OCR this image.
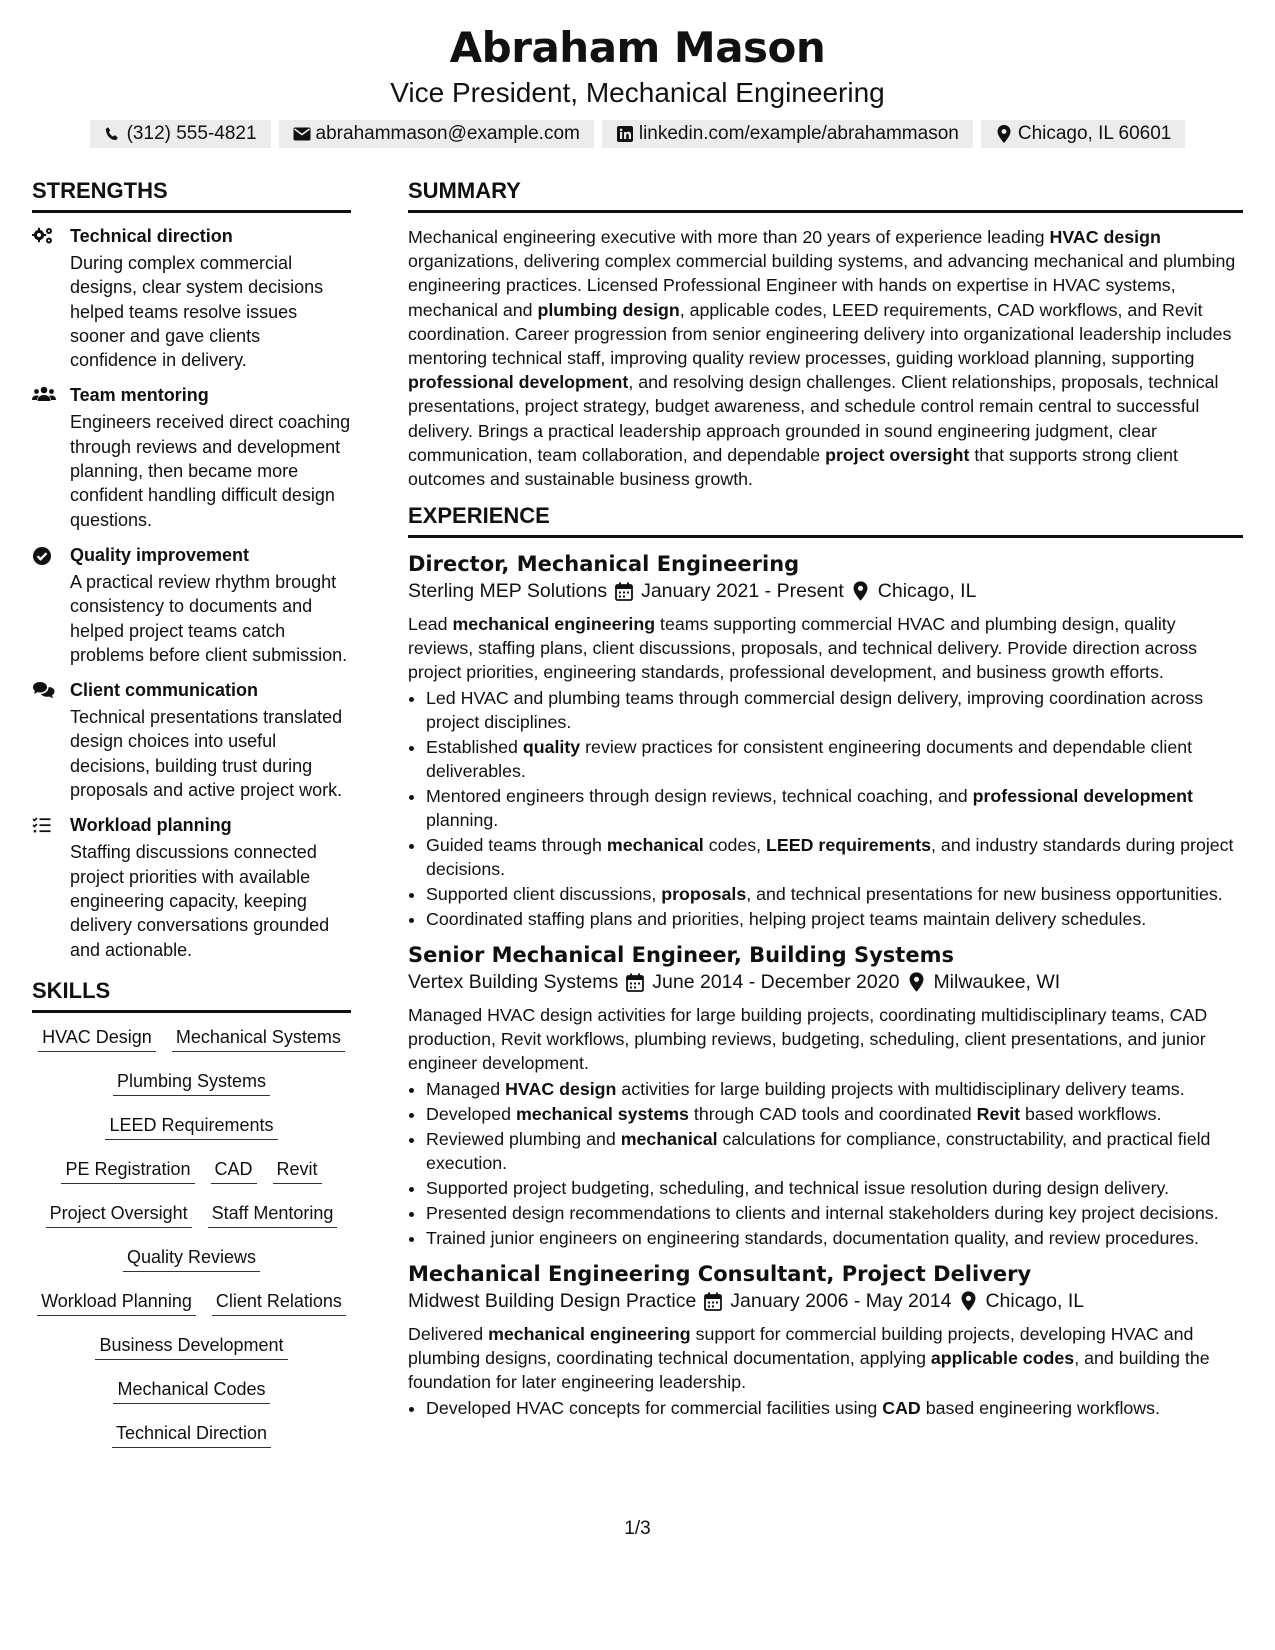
Abraham Mason
Vice President, Mechanical Engineering
(312) 555-4821	abrahammason@example.com	linkedin.com/example/abrahammason	Chicago, IL 60601
STRENGTHS
Technical direction
During complex commercial designs, clear system decisions helped teams resolve issues sooner and gave clients confidence in delivery.
Team mentoring
Engineers received direct coaching through reviews and development planning, then became more confident handling difficult design questions.
Quality improvement
A practical review rhythm brought consistency to documents and helped project teams catch problems before client submission.
Client communication
Technical presentations translated design choices into useful decisions, building trust during proposals and active project work.
Workload planning
Staffing discussions connected project priorities with available engineering capacity, keeping delivery conversations grounded and actionable.
SKILLS
HVAC Design Mechanical Systems
Plumbing Systems
LEED Requirements
PE Registration CAD Revit
Project Oversight Staff Mentoring
Quality Reviews
Workload Planning Client Relations
Business Development
Mechanical Codes
Technical Direction
SUMMARY
Mechanical engineering executive with more than 20 years of experience leading HVAC design organizations, delivering complex commercial building systems, and advancing mechanical and plumbing engineering practices. Licensed Professional Engineer with hands on expertise in HVAC systems, mechanical and plumbing design, applicable codes, LEED requirements, CAD workflows, and Revit coordination. Career progression from senior engineering delivery into organizational leadership includes mentoring technical staff, improving quality review processes, guiding workload planning, supporting professional development, and resolving design challenges. Client relationships, proposals, technical presentations, project strategy, budget awareness, and schedule control remain central to successful delivery. Brings a practical leadership approach grounded in sound engineering judgment, clear communication, team collaboration, and dependable project oversight that supports strong client outcomes and sustainable business growth.
EXPERIENCE
Director, Mechanical Engineering
Sterling MEP Solutions January 2021 - Present Chicago, IL
Lead mechanical engineering teams supporting commercial HVAC and plumbing design, quality reviews, staffing plans, client discussions, proposals, and technical delivery. Provide direction across project priorities, engineering standards, professional development, and business growth efforts.
• Led HVAC and plumbing teams through commercial design delivery, improving coordination across project disciplines.
• Established quality review practices for consistent engineering documents and dependable client deliverables.
• Mentored engineers through design reviews, technical coaching, and professional development planning.
• Guided teams through mechanical codes, LEED requirements, and industry standards during project decisions.
• Supported client discussions, proposals, and technical presentations for new business opportunities.
• Coordinated staffing plans and priorities, helping project teams maintain delivery schedules.
Senior Mechanical Engineer, Building Systems
Vertex Building Systems June 2014 - December 2020 Milwaukee, WI
Managed HVAC design activities for large building projects, coordinating multidisciplinary teams, CAD production, Revit workflows, plumbing reviews, budgeting, scheduling, client presentations, and junior engineer development.
• Managed HVAC design activities for large building projects with multidisciplinary delivery teams.
• Developed mechanical systems through CAD tools and coordinated Revit based workflows.
• Reviewed plumbing and mechanical calculations for compliance, constructability, and practical field execution.
• Supported project budgeting, scheduling, and technical issue resolution during design delivery.
• Presented design recommendations to clients and internal stakeholders during key project decisions.
• Trained junior engineers on engineering standards, documentation quality, and review procedures.
Mechanical Engineering Consultant, Project Delivery
Midwest Building Design Practice January 2006 - May 2014 Chicago, IL
Delivered mechanical engineering support for commercial building projects, developing HVAC and plumbing designs, coordinating technical documentation, applying applicable codes, and building the foundation for later engineering leadership.
• Developed HVAC concepts for commercial facilities using CAD based engineering workflows.
1/3
